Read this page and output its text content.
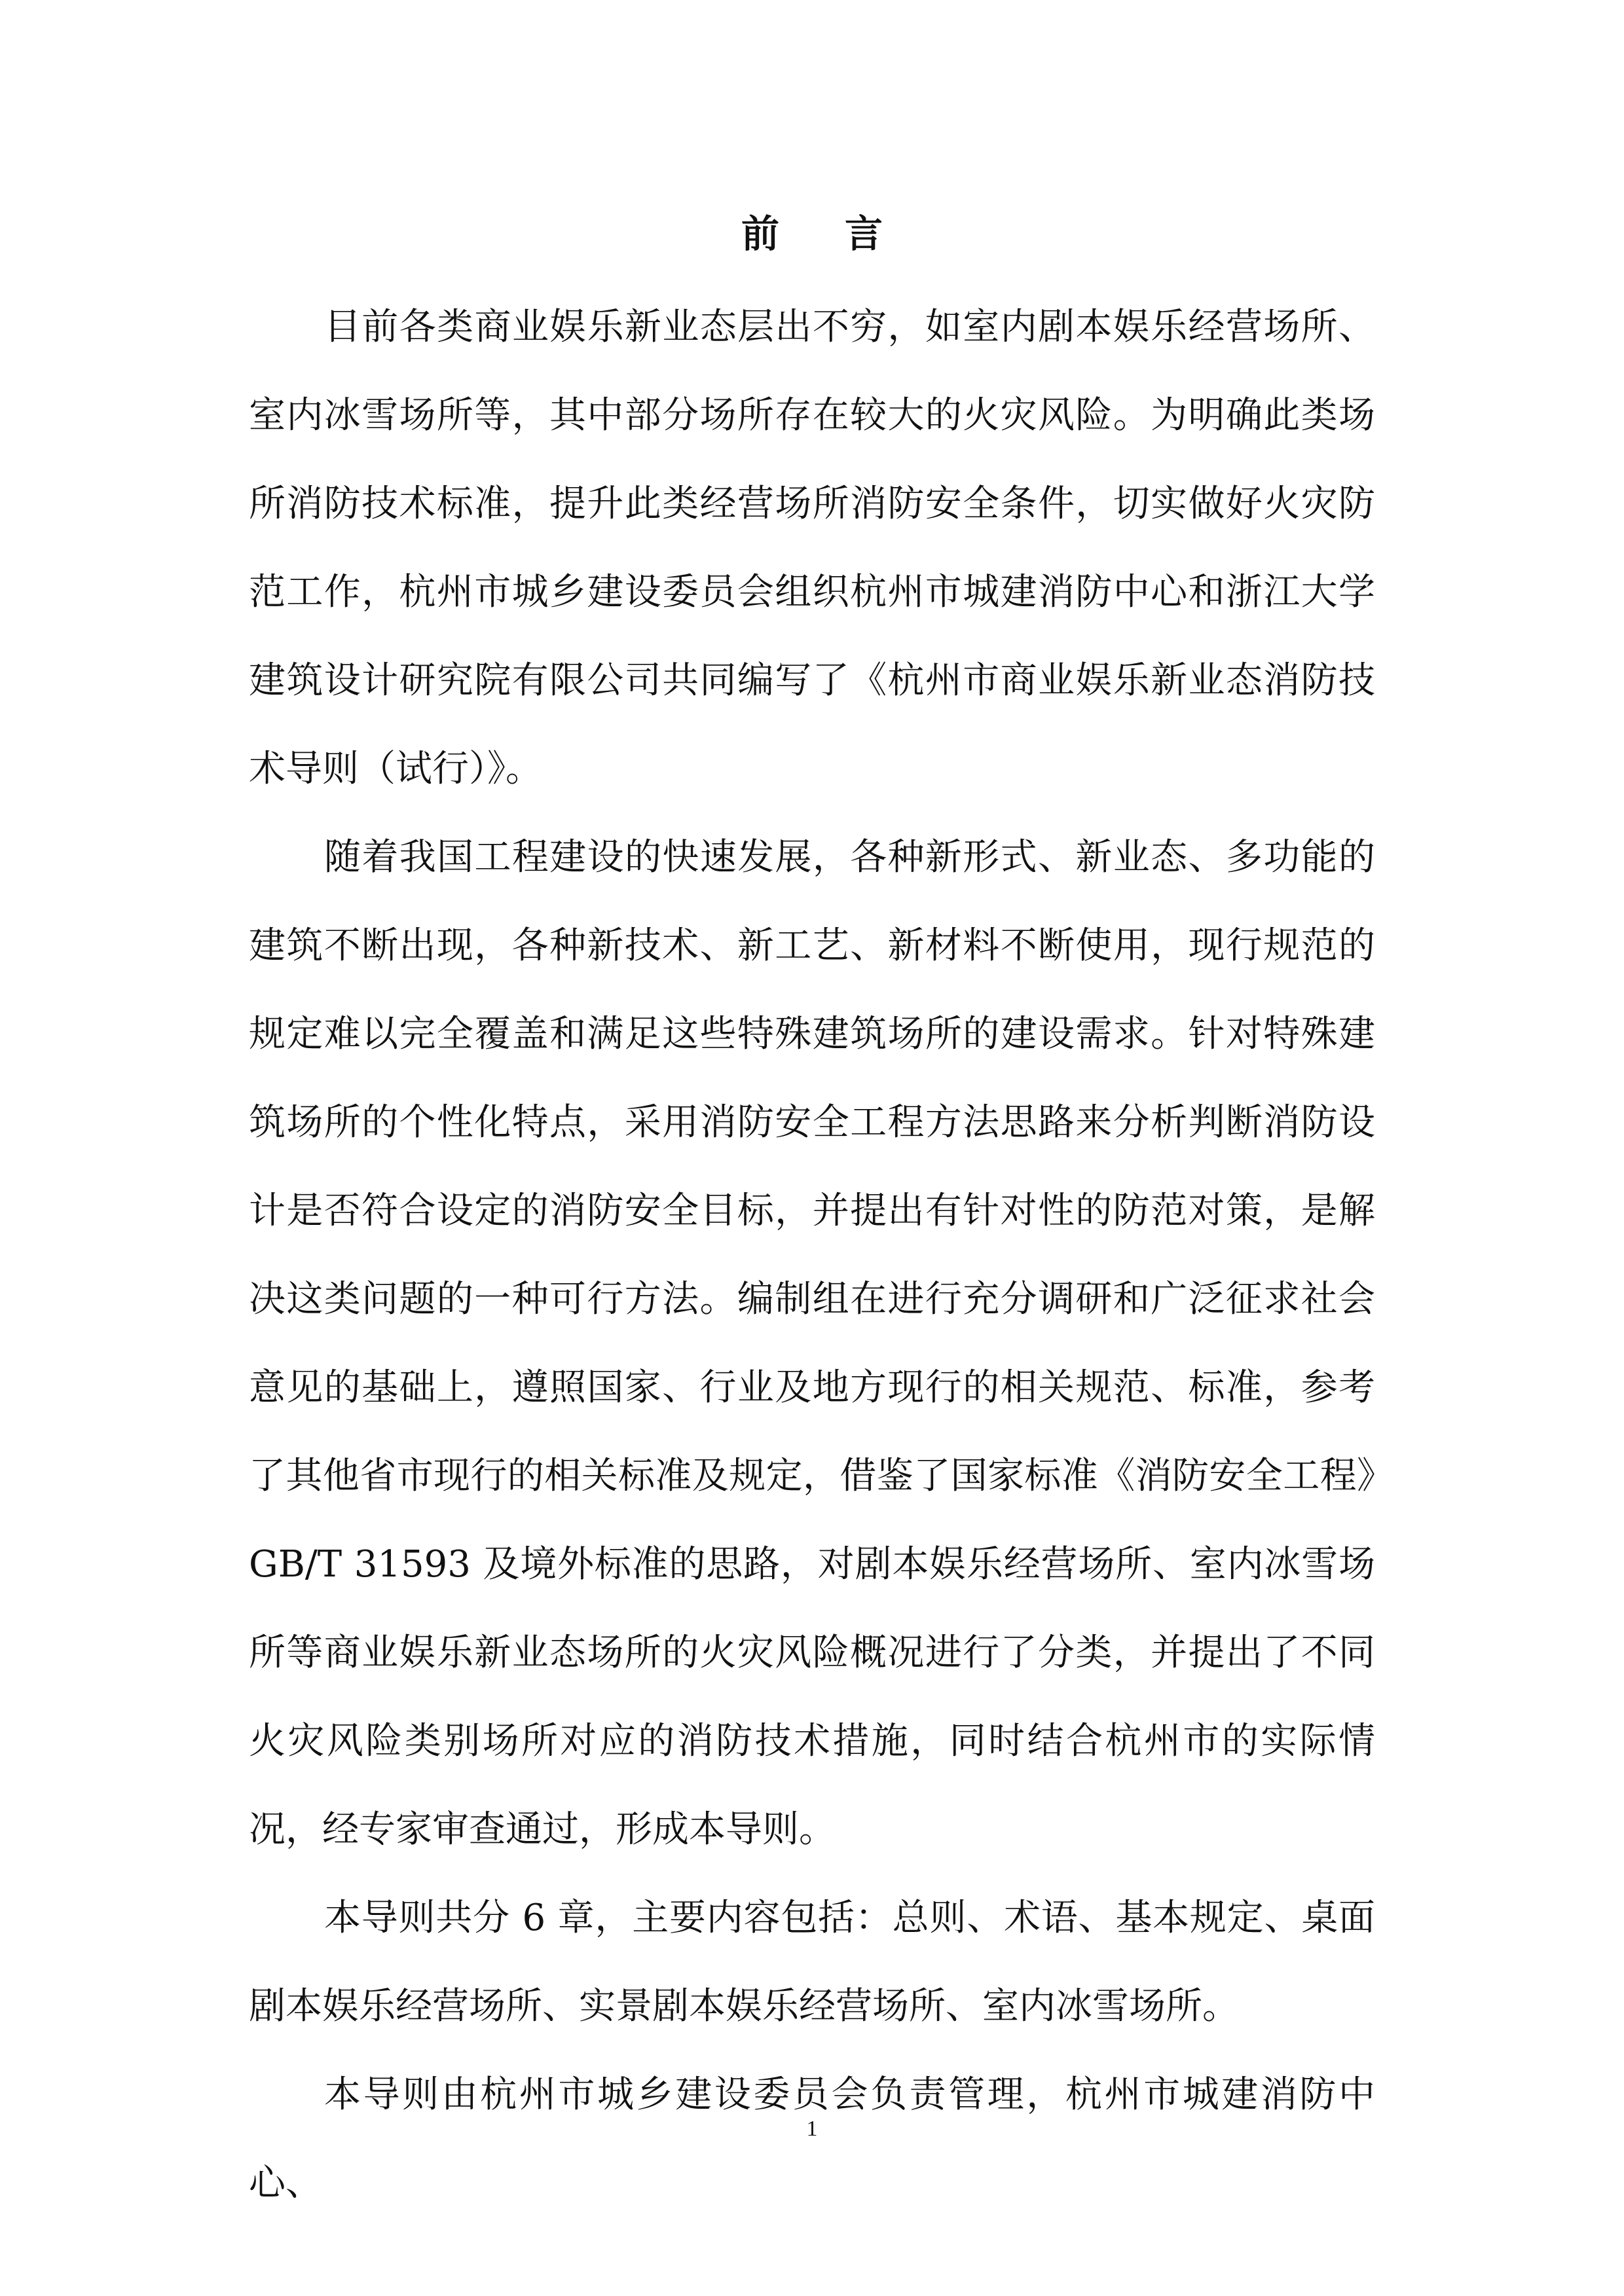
前 言

目前各类商业娱乐新业态层出不穷，如室内剧本娱乐经营场所、室内冰雪场所等，其中部分场所存在较大的火灾风险。为明确此类场所消防技术标准，提升此类经营场所消防安全条件，切实做好火灾防范工作，杭州市城乡建设委员会组织杭州市城建消防中心和浙江大学建筑设计研究院有限公司共同编写了《杭州市商业娱乐新业态消防技术导则（试行）》。

随着我国工程建设的快速发展，各种新形式、新业态、多功能的建筑不断出现，各种新技术、新工艺、新材料不断使用，现行规范的规定难以完全覆盖和满足这些特殊建筑场所的建设需求。针对特殊建筑场所的个性化特点，采用消防安全工程方法思路来分析判断消防设计是否符合设定的消防安全目标，并提出有针对性的防范对策，是解决这类问题的一种可行方法。编制组在进行充分调研和广泛征求社会意见的基础上，遵照国家、行业及地方现行的相关规范、标准，参考了其他省市现行的相关标准及规定，借鉴了国家标准《消防安全工程》GB/T 31593 及境外标准的思路，对剧本娱乐经营场所、室内冰雪场所等商业娱乐新业态场所的火灾风险概况进行了分类，并提出了不同火灾风险类别场所对应的消防技术措施，同时结合杭州市的实际情况，经专家审查通过，形成本导则。

本导则共分 6 章，主要内容包括：总则、术语、基本规定、桌面剧本娱乐经营场所、实景剧本娱乐经营场所、室内冰雪场所。

本导则由杭州市城乡建设委员会负责管理，杭州市城建消防中心、

1
